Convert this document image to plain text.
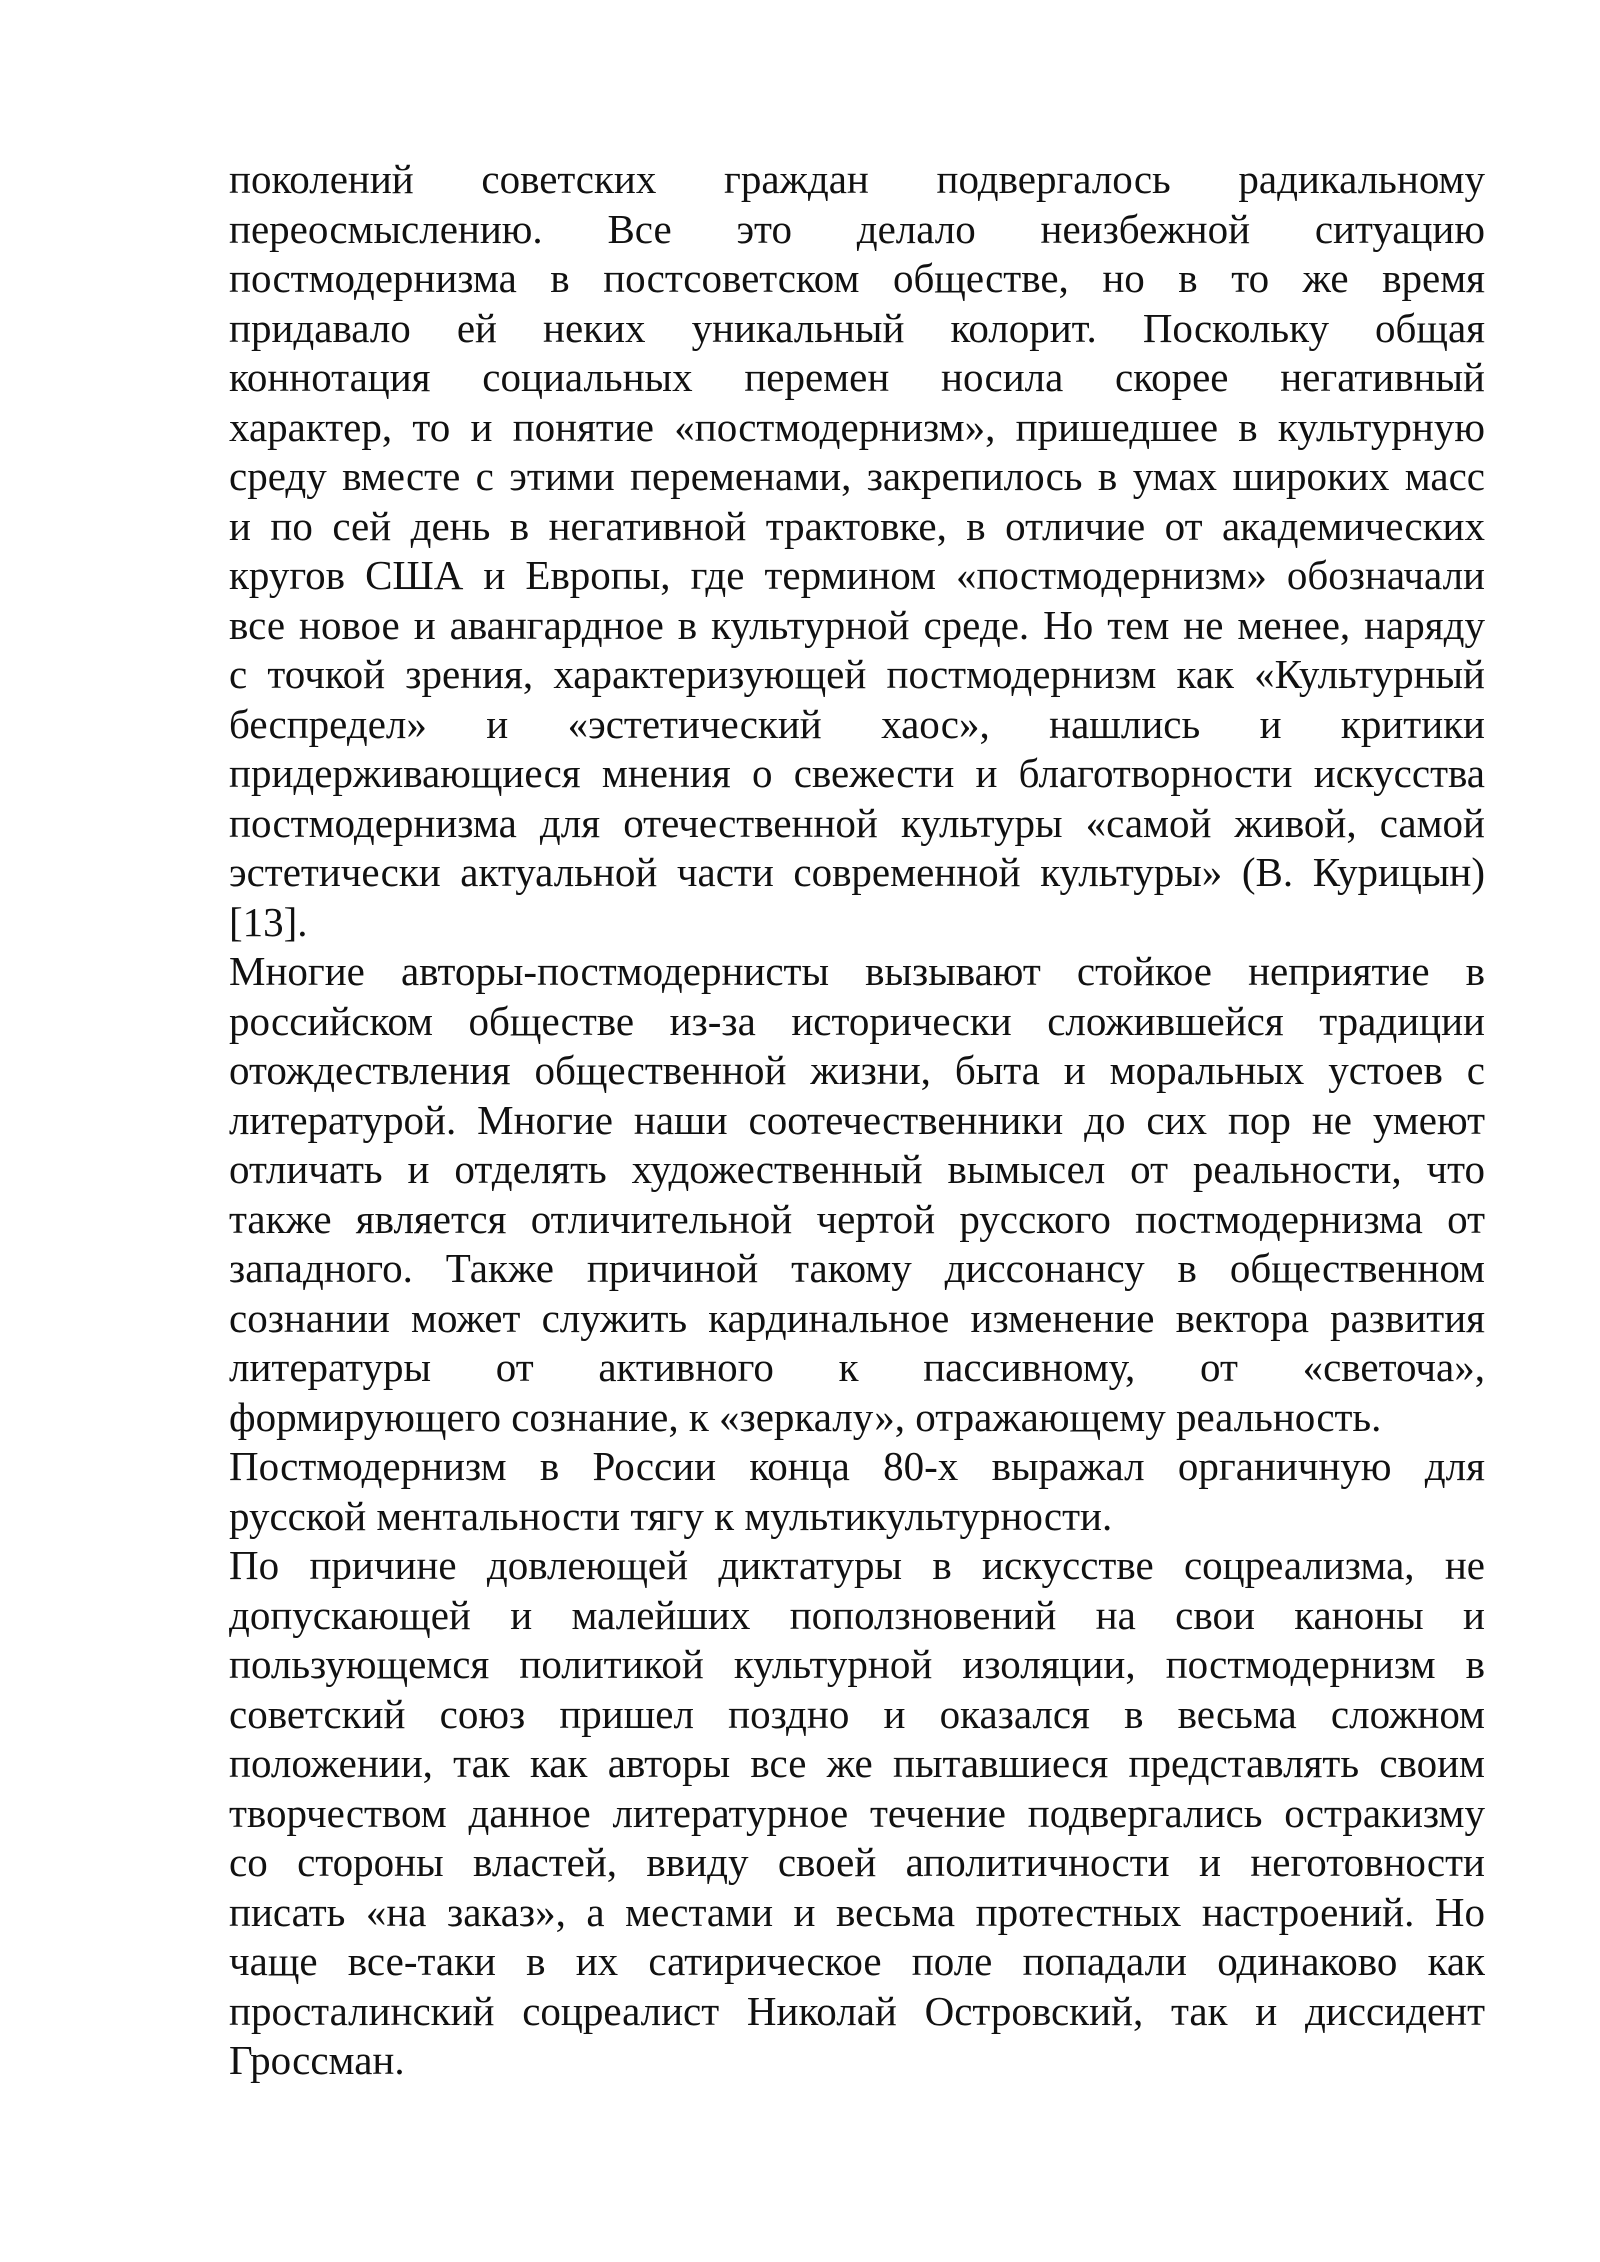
поколений советских граждан подвергалось радикальному
переосмыслению. Все это делало неизбежной ситуацию
постмодернизма в постсоветском обществе, но в то же время
придавало ей неких уникальный колорит. Поскольку общая
коннотация социальных перемен носила скорее негативный
характер, то и понятие «постмодернизм», пришедшее в культурную
среду вместе с этими переменами, закрепилось в умах широких масс
и по сей день в негативной трактовке, в отличие от академических
кругов США и Европы, где термином «постмодернизм» обозначали
все новое и авангардное в культурной среде. Но тем не менее, наряду
с точкой зрения, характеризующей постмодернизм как «Культурный
беспредел» и «эстетический хаос», нашлись и критики
придерживающиеся мнения о свежести и благотворности искусства
постмодернизма для отечественной культуры «самой живой, самой
эстетически актуальной части современной культуры» (В. Курицын)
[13].
Многие авторы-постмодернисты вызывают стойкое неприятие в
российском обществе из-за исторически сложившейся традиции
отождествления общественной жизни, быта и моральных устоев с
литературой. Многие наши соотечественники до сих пор не умеют
отличать и отделять художественный вымысел от реальности, что
также является отличительной чертой русского постмодернизма от
западного. Также причиной такому диссонансу в общественном
сознании может служить кардинальное изменение вектора развития
литературы от активного к пассивному, от «светоча»,
формирующего сознание, к «зеркалу», отражающему реальность.
Постмодернизм в России конца 80-х выражал органичную для
русской ментальности тягу к мультикультурности.
По причине довлеющей диктатуры в искусстве соцреализма, не
допускающей и малейших поползновений на свои каноны и
пользующемся политикой культурной изоляции, постмодернизм в
советский союз пришел поздно и оказался в весьма сложном
положении, так как авторы все же пытавшиеся представлять своим
творчеством данное литературное течение подвергались остракизму
со стороны властей, ввиду своей аполитичности и неготовности
писать «на заказ», а местами и весьма протестных настроений. Но
чаще все-таки в их сатирическое поле попадали одинаково как
просталинский соцреалист Николай Островский, так и диссидент
Гроссман.
